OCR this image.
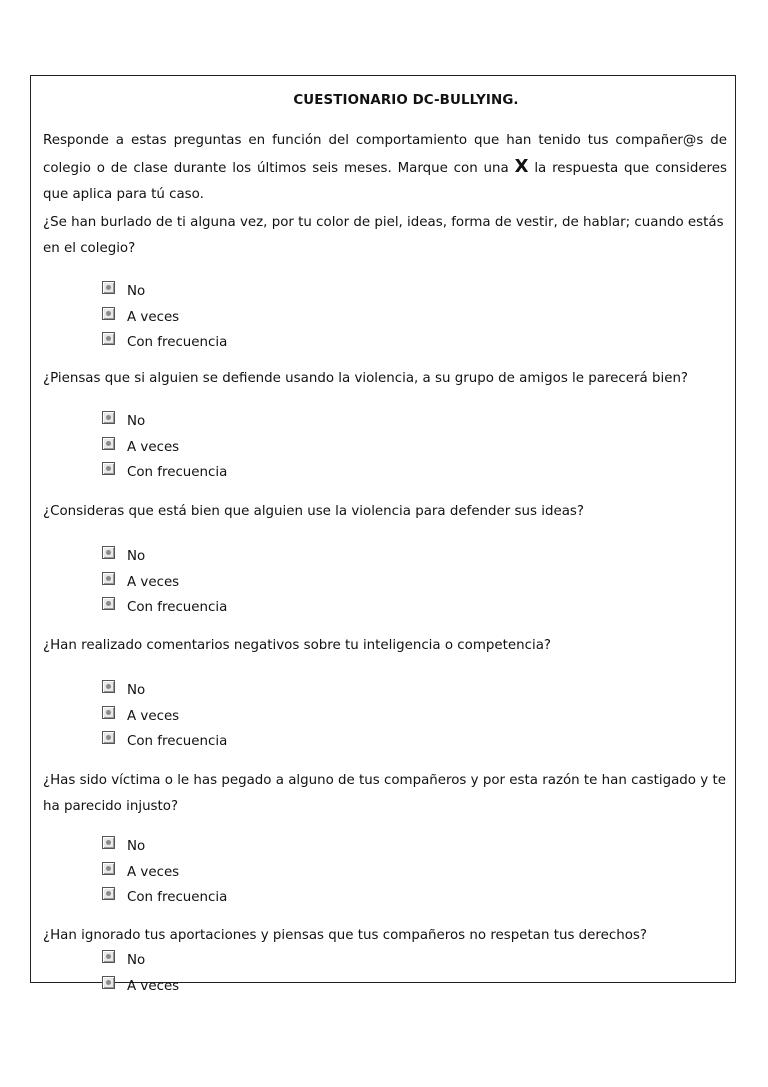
CUESTIONARIO DC-BULLYING.
Responde a estas preguntas en función del comportamiento que han tenido tus compañer@s de colegio o de clase durante los últimos seis meses. Marque con una X la respuesta que consideres que aplica para tú caso.
¿Se han burlado de ti alguna vez, por tu color de piel, ideas, forma de vestir, de hablar; cuando estás en el colegio?
No
A veces
Con frecuencia
¿Piensas que si alguien se defiende usando la violencia, a su grupo de amigos le parecerá bien?
No
A veces
Con frecuencia
¿Consideras que está bien que alguien use la violencia para defender sus ideas?
No
A veces
Con frecuencia
¿Han realizado comentarios negativos sobre tu inteligencia o competencia?
No
A veces
Con frecuencia
¿Has sido víctima o le has pegado a alguno de tus compañeros y por esta razón te han castigado y te ha parecido injusto?
No
A veces
Con frecuencia
¿Han ignorado tus aportaciones y piensas que tus compañeros no respetan tus derechos?
No
A veces
